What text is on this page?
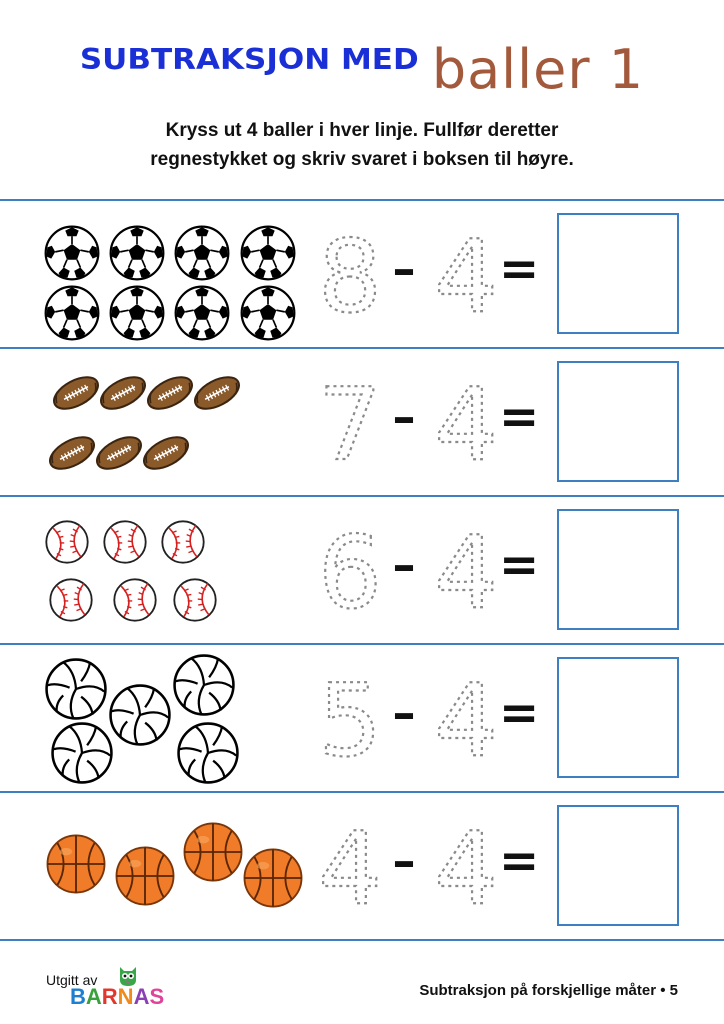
SUBTRAKSJON MED baller 1
Kryss ut 4 baller i hver linje. Fullfør deretter
regnestykket og skriv svaret i boksen til høyre.
8 – 4 =
7 – 4 =
6 – 4 =
5 – 4 =
4 – 4 =
Utgitt av
BARNAS	Subtraksjon på forskjellige måter • 5
